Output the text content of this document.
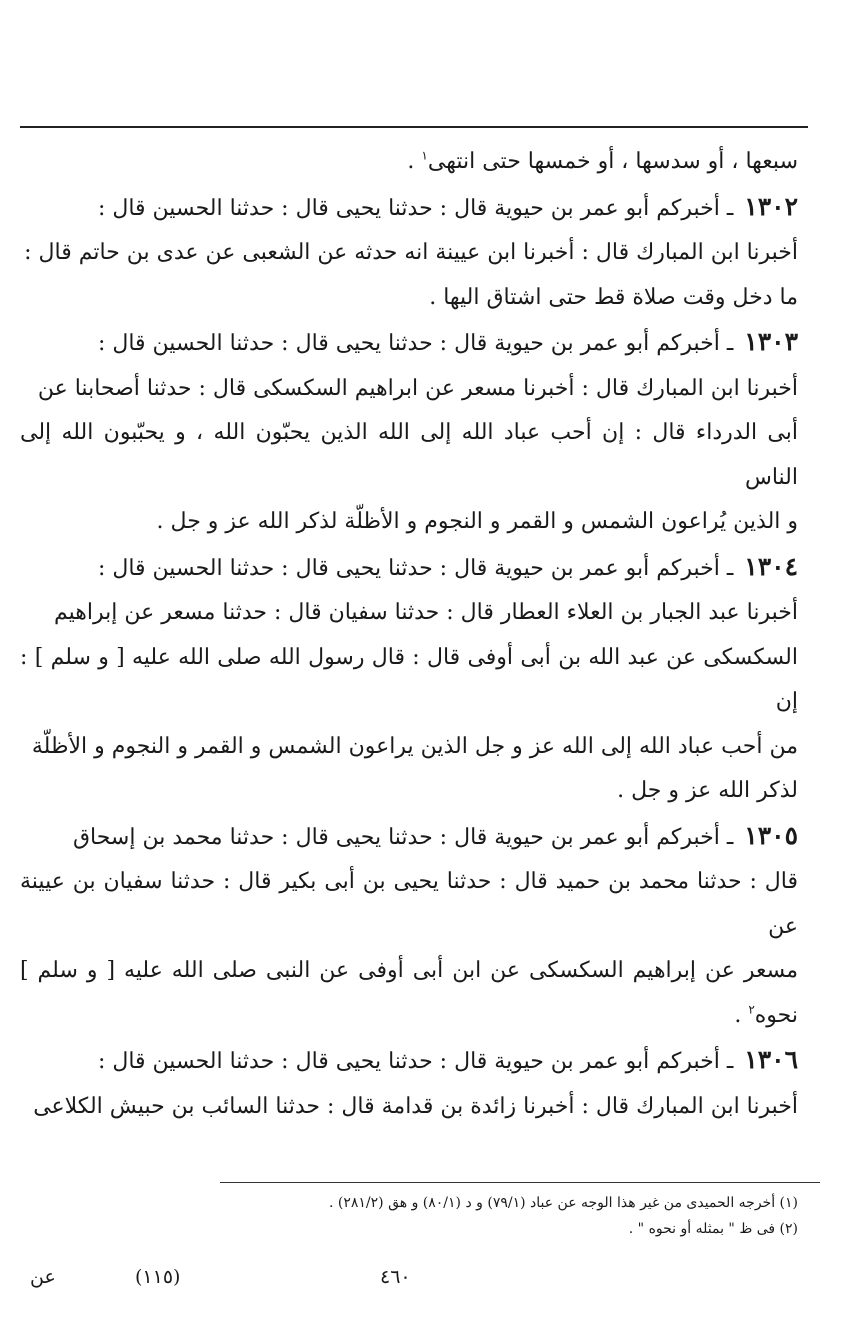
سبعها ، أو سدسها ، أو خمسها حتى انتهى$^١$ .

١٣٠٢ ـ أخبركم أبو عمر بن حيوية قال : حدثنا يحيى قال : حدثنا الحسين قال :

أخبرنا ابن المبارك قال : أخبرنا ابن عيينة انه حدثه عن الشعبى عن عدى بن حاتم قال :

ما دخل وقت صلاة قط حتى اشتاق اليها .

١٣٠٣ ـ أخبركم أبو عمر بن حيوية قال : حدثنا يحيى قال : حدثنا الحسين قال :

أخبرنا ابن المبارك قال : أخبرنا مسعر عن ابراهيم السكسكى قال : حدثنا أصحابنا عن

أبى الدرداء قال : إن أحب عباد الله إلى الله الذين يحبّون الله ، و يحبّبون الله إلى الناس

و الذين يُراعون الشمس و القمر و النجوم و الأظلّة لذكر الله عز و جل .

١٣٠٤ ـ أخبركم أبو عمر بن حيوية قال : حدثنا يحيى قال : حدثنا الحسين قال :

أخبرنا عبد الجبار بن العلاء العطار قال : حدثنا سفيان قال : حدثنا مسعر عن إبراهيم

السكسكى عن عبد الله بن أبى أوفى قال : قال رسول الله صلى الله عليه [ و سلم ] : إن

من أحب عباد الله إلى الله عز و جل الذين يراعون الشمس و القمر و النجوم و الأظلّة

لذكر الله عز و جل .

١٣٠٥ ـ أخبركم أبو عمر بن حيوية قال : حدثنا يحيى قال : حدثنا محمد بن إسحاق

قال : حدثنا محمد بن حميد قال : حدثنا يحيى بن أبى بكير قال : حدثنا سفيان بن عيينة عن

مسعر عن إبراهيم السكسكى عن ابن أبى أوفى عن النبى صلى الله عليه [ و سلم ] نحوه$^٢$ .

١٣٠٦ ـ أخبركم أبو عمر بن حيوية قال : حدثنا يحيى قال : حدثنا الحسين قال :

أخبرنا ابن المبارك قال : أخبرنا زائدة بن قدامة قال : حدثنا السائب بن حبيش الكلاعى

(١) أخرجه الحميدى من غير هذا الوجه عن عباد (٧٩/١) و د (٨٠/١) و هق (٢٨١/٢) .

(٢) فى ظ " بمثله أو نحوه " .

عن	(١١٥)	٤٦٠
